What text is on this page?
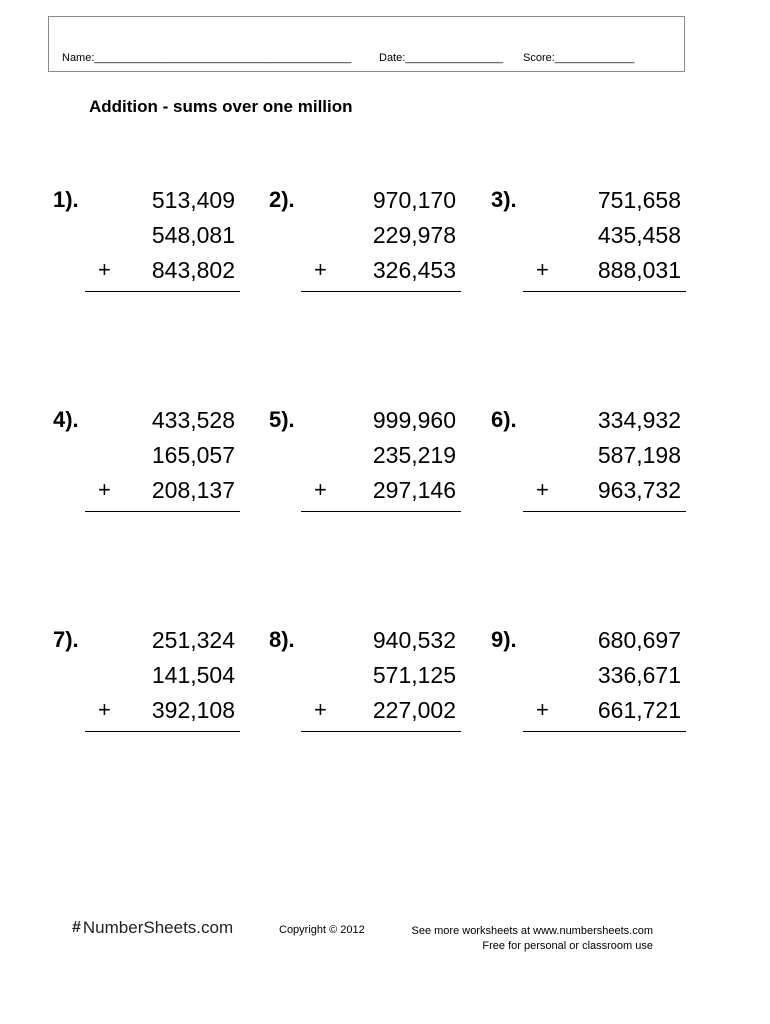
Name:__________________________________________	Date:________________ Score:_____________
Addition - sums over one million
1).	513,409
548,081
+ 843,802
2).	970,170
229,978
+ 326,453
3).	751,658
435,458
+ 888,031
4).	433,528
165,057
+ 208,137
5).	999,960
235,219
+ 297,146
6).	334,932
587,198
+ 963,732
7).	251,324
141,504
+ 392,108
8).	940,532
571,125
+ 227,002
9).	680,697
336,671
+ 661,721
# NumberSheets.com	Copyright © 2012	See more worksheets at www.numbersheets.com
Free for personal or classroom use
